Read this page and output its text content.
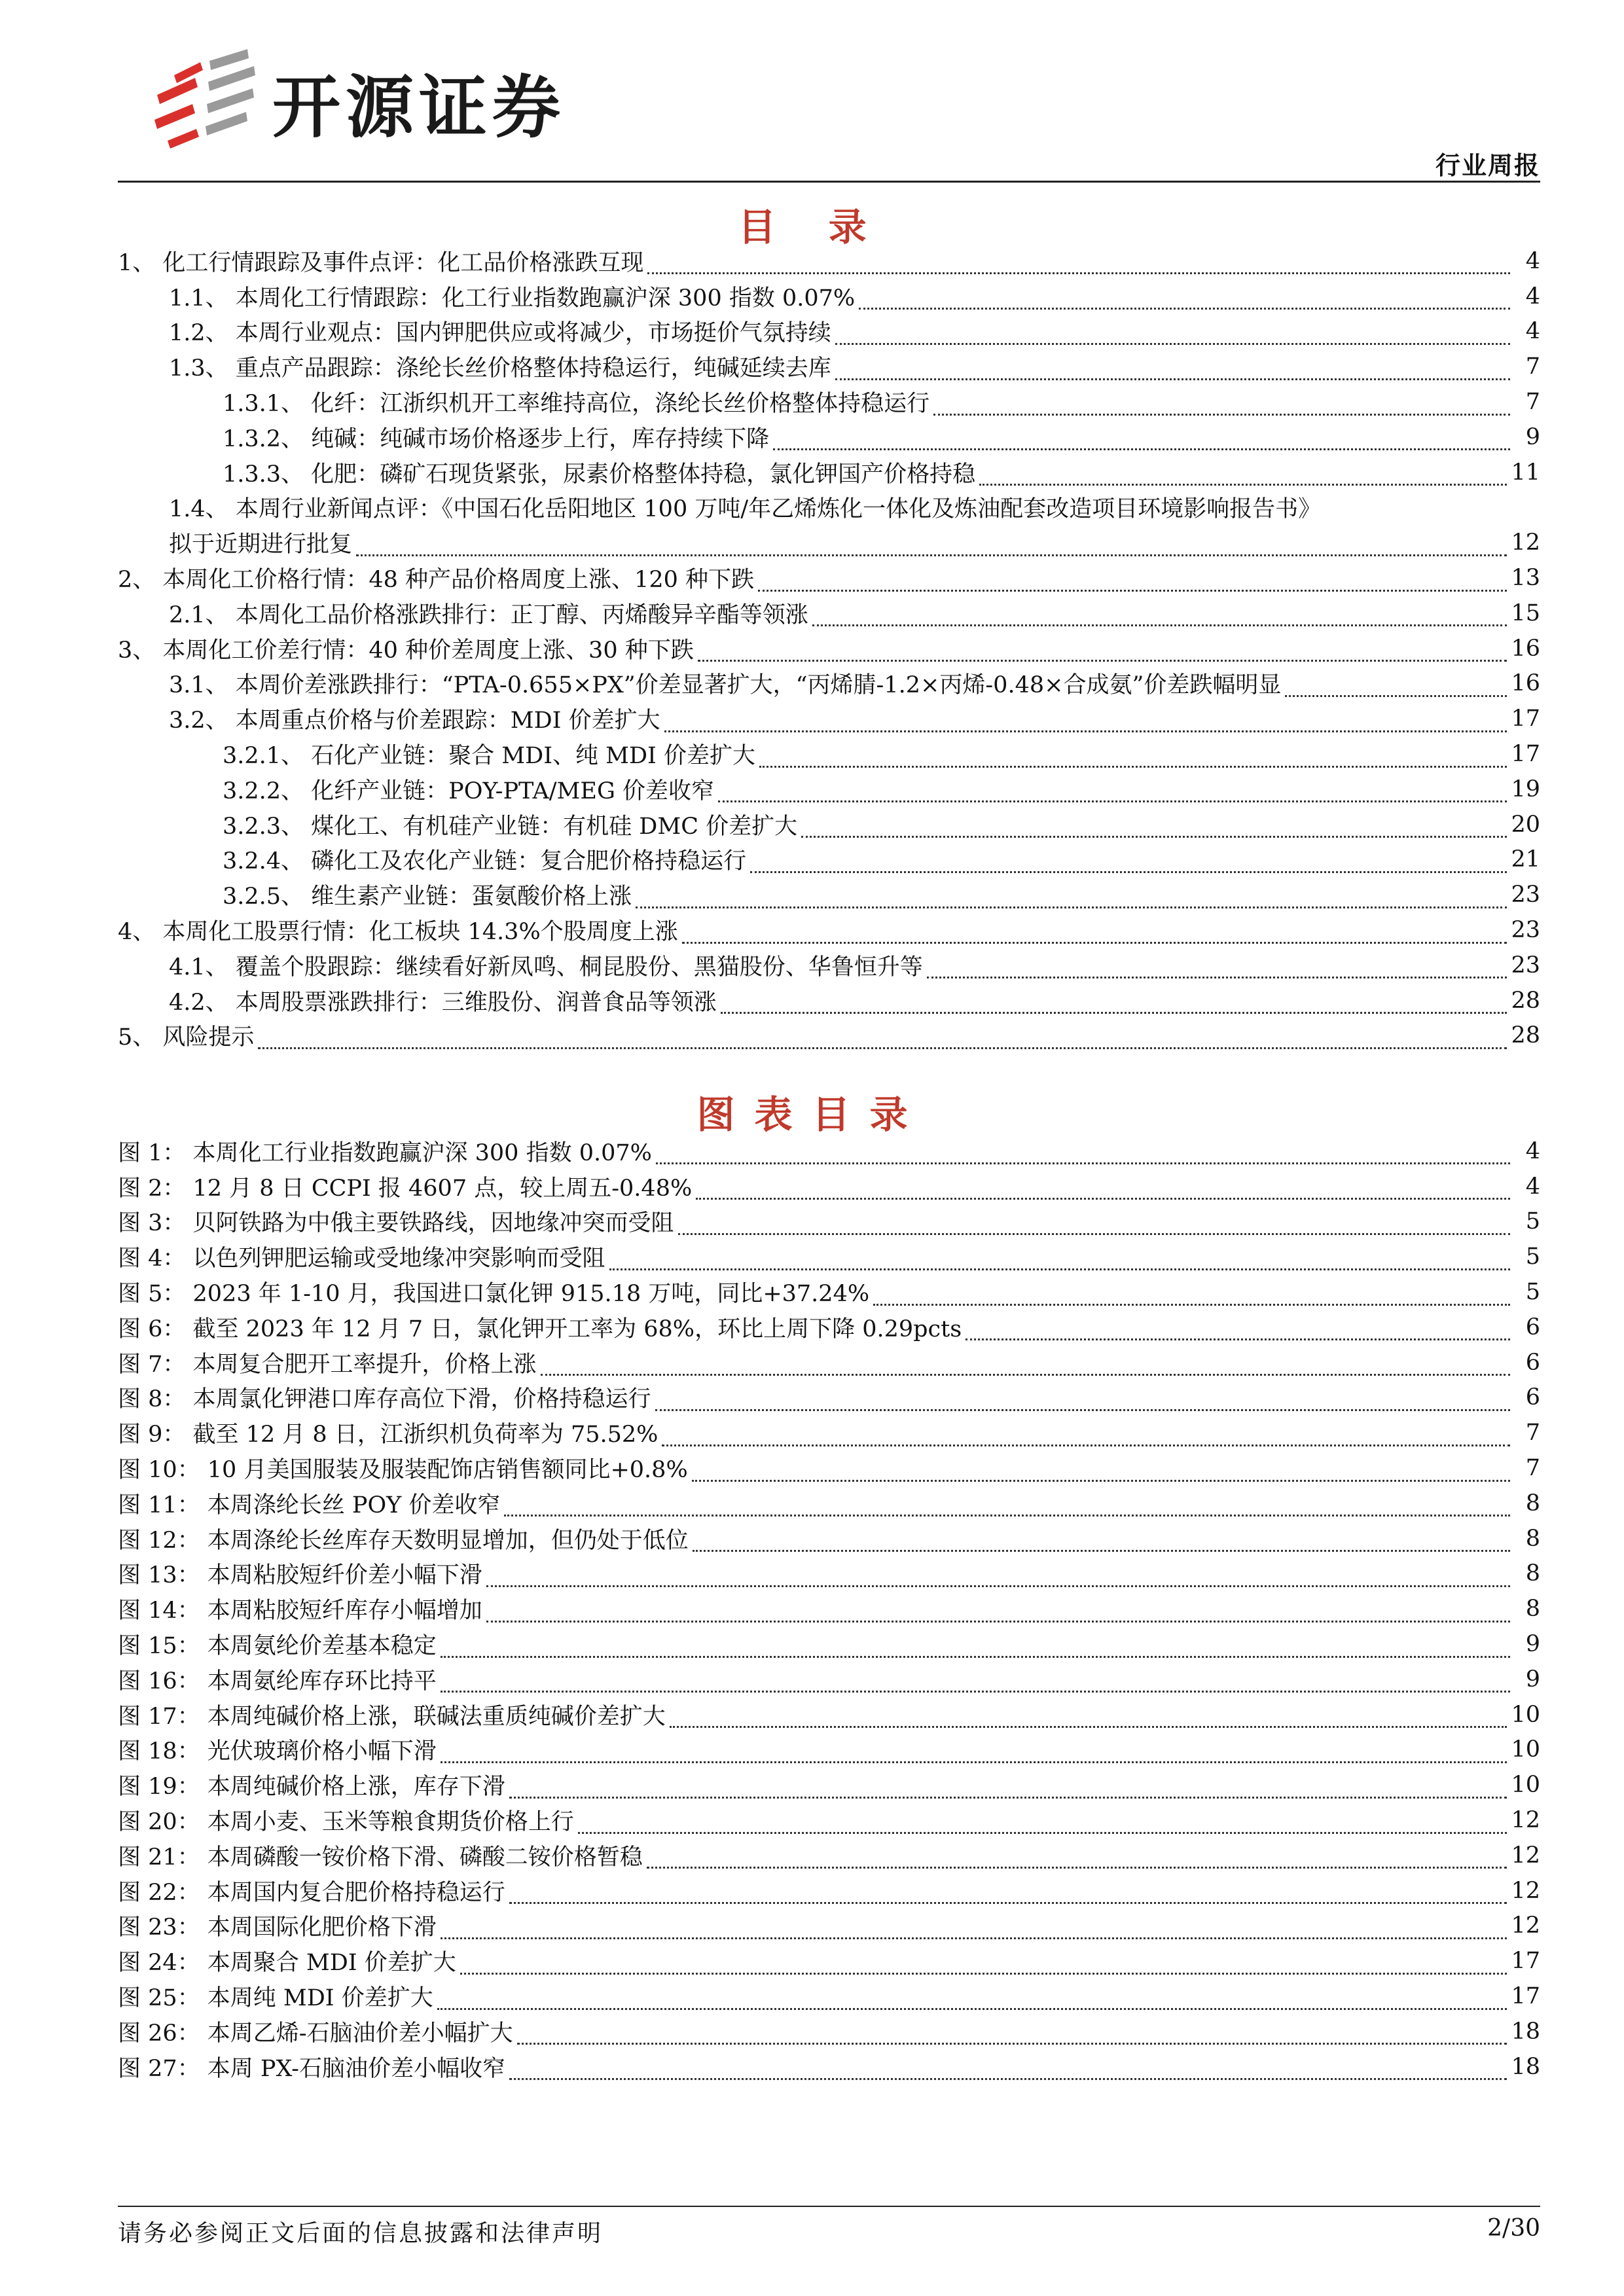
开源证券
行业周报
目 录
1、 化工行情跟踪及事件点评：化工品价格涨跌互现	4
1.1、 本周化工行情跟踪：化工行业指数跑赢沪深 300 指数 0.07%	4
1.2、 本周行业观点：国内钾肥供应或将减少，市场挺价气氛持续	4
1.3、 重点产品跟踪：涤纶长丝价格整体持稳运行，纯碱延续去库	7
1.3.1、 化纤：江浙织机开工率维持高位，涤纶长丝价格整体持稳运行	7
1.3.2、 纯碱：纯碱市场价格逐步上行，库存持续下降	9
1.3.3、 化肥：磷矿石现货紧张，尿素价格整体持稳，氯化钾国产价格持稳	11
1.4、 本周行业新闻点评：《中国石化岳阳地区 100 万吨/年乙烯炼化一体化及炼油配套改造项目环境影响报告书》
拟于近期进行批复	12
2、 本周化工价格行情：48 种产品价格周度上涨、120 种下跌	13
2.1、 本周化工品价格涨跌排行：正丁醇、丙烯酸异辛酯等领涨	15
3、 本周化工价差行情：40 种价差周度上涨、30 种下跌	16
3.1、 本周价差涨跌排行：“PTA-0.655×PX”价差显著扩大，“丙烯腈-1.2×丙烯-0.48×合成氨”价差跌幅明显	16
3.2、 本周重点价格与价差跟踪：MDI 价差扩大	17
3.2.1、 石化产业链：聚合 MDI、纯 MDI 价差扩大	17
3.2.2、 化纤产业链：POY-PTA/MEG 价差收窄	19
3.2.3、 煤化工、有机硅产业链：有机硅 DMC 价差扩大	20
3.2.4、 磷化工及农化产业链：复合肥价格持稳运行	21
3.2.5、 维生素产业链：蛋氨酸价格上涨	23
4、 本周化工股票行情：化工板块 14.3%个股周度上涨	23
4.1、 覆盖个股跟踪：继续看好新凤鸣、桐昆股份、黑猫股份、华鲁恒升等	23
4.2、 本周股票涨跌排行：三维股份、润普食品等领涨	28
5、 风险提示	28
图表目录
图 1： 本周化工行业指数跑赢沪深 300 指数 0.07%	4
图 2： 12 月 8 日 CCPI 报 4607 点，较上周五-0.48%	4
图 3： 贝阿铁路为中俄主要铁路线，因地缘冲突而受阻	5
图 4： 以色列钾肥运输或受地缘冲突影响而受阻	5
图 5： 2023 年 1-10 月，我国进口氯化钾 915.18 万吨，同比+37.24%	5
图 6： 截至 2023 年 12 月 7 日，氯化钾开工率为 68%，环比上周下降 0.29pcts	6
图 7： 本周复合肥开工率提升，价格上涨	6
图 8： 本周氯化钾港口库存高位下滑，价格持稳运行	6
图 9： 截至 12 月 8 日，江浙织机负荷率为 75.52%	7
图 10： 10 月美国服装及服装配饰店销售额同比+0.8%	7
图 11： 本周涤纶长丝 POY 价差收窄	8
图 12： 本周涤纶长丝库存天数明显增加，但仍处于低位	8
图 13： 本周粘胶短纤价差小幅下滑	8
图 14： 本周粘胶短纤库存小幅增加	8
图 15： 本周氨纶价差基本稳定	9
图 16： 本周氨纶库存环比持平	9
图 17： 本周纯碱价格上涨，联碱法重质纯碱价差扩大	10
图 18： 光伏玻璃价格小幅下滑	10
图 19： 本周纯碱价格上涨，库存下滑	10
图 20： 本周小麦、玉米等粮食期货价格上行	12
图 21： 本周磷酸一铵价格下滑、磷酸二铵价格暂稳	12
图 22： 本周国内复合肥价格持稳运行	12
图 23： 本周国际化肥价格下滑	12
图 24： 本周聚合 MDI 价差扩大	17
图 25： 本周纯 MDI 价差扩大	17
图 26： 本周乙烯-石脑油价差小幅扩大	18
图 27： 本周 PX-石脑油价差小幅收窄	18
请务必参阅正文后面的信息披露和法律声明	2/30
